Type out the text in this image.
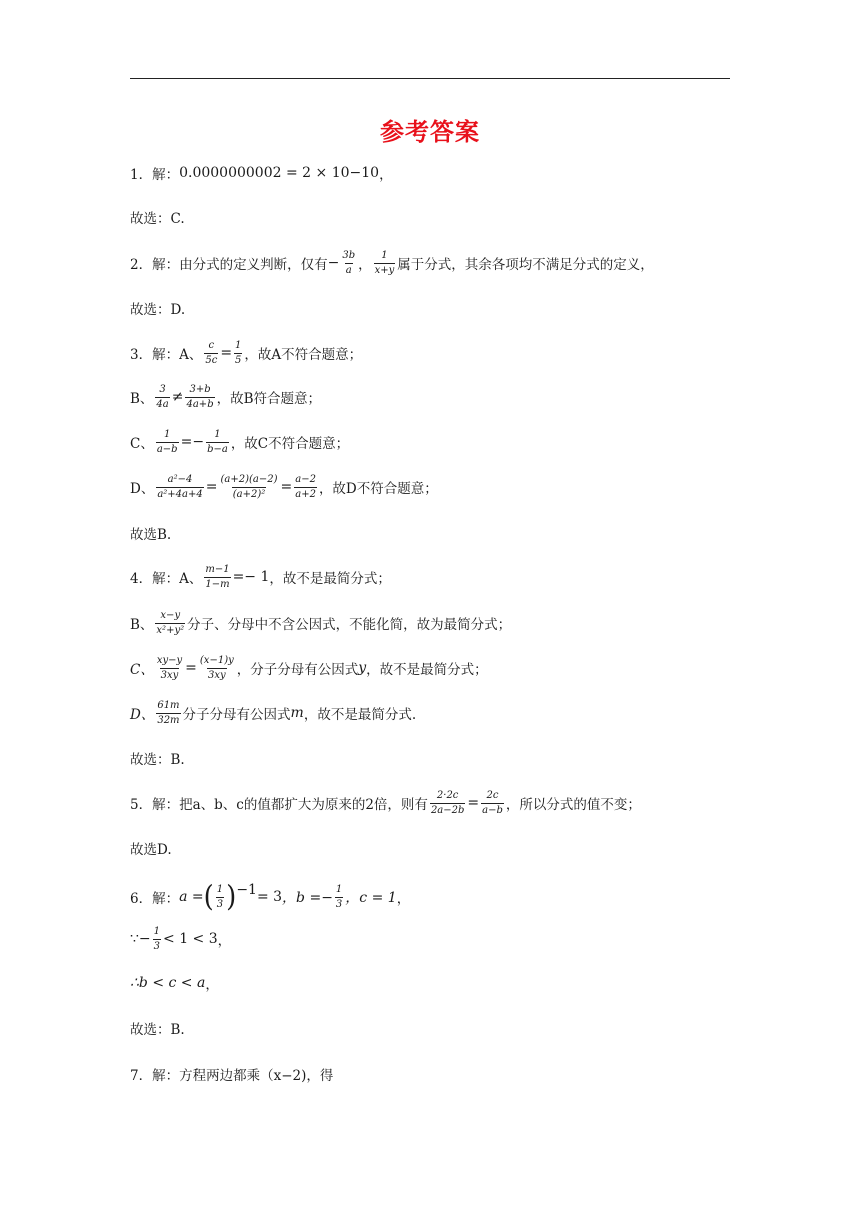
参考答案
1．解： 0.0000000002 = 2 × 10 −10 ，
故选：C.
2．解：由分式的定义判断，仅有 − $\frac{3b}{a}$ ， $\frac{1}{x+y}$ 属于分式，其余各项均不满足分式的定义，
故选：D.
3．解：A、 $\frac{c}{5c} = \frac{1}{5}$ ，故A不符合题意；
B、 $\frac{3}{4a} \ne \frac{3+b}{4a+b}$ ，故B符合题意；
C、 $\frac{1}{a-b} =- \frac{1}{b-a}$ ，故C不符合题意；
D、 $\frac{\text{a²−4}}{\text{a²+4a+4}} = \frac{(a+2)(a-2)}{\text{(a+2)²}} = \frac{a-2}{a+2}$ ，故D不符合题意；
故选B.
4．解：A、 $\frac{m-1}{1-m} =- 1$ ，故不是最简分式；
B、 $\frac{x-y}{\text{x²+y²}}$ 分子、分母中不含公因式，不能化简，故为最简分式；
C、 $\frac{xy-y}{3xy} = \frac{(x-1)y}{3xy}$ ，分子分母有公因式 y ，故不是最简分式；
D、 $\frac{61m}{32m}$ 分子分母有公因式 m ，故不是最简分式.
故选：B.
5．解：把a、b、c的值都扩大为原来的2倍，则有 $\frac{2\cdot 2c}{2a-2b} = \frac{2c}{a-b}$ ，所以分式的值不变；
故选D.
6．解： a = ( $\frac{1}{3}$ ) −1 = 3 ，$b =- \frac{1}{3}$ ，c = 1 ，
∵− $\frac{1}{3} < 1 < 3$ ，
∴b < c < a ，
故选：B.
7．解：方程两边都乘（x−2)，得
